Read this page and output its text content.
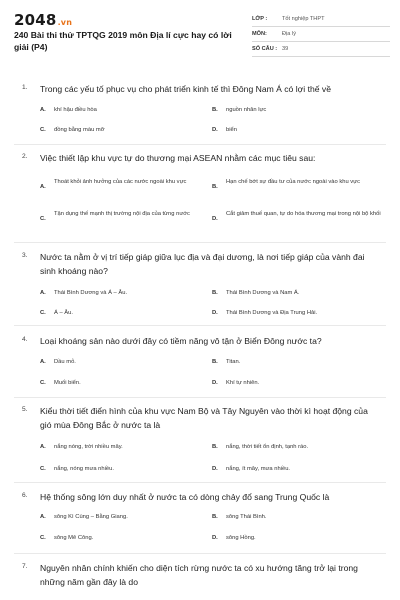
2048.vn
240 Bài thi thử TPTQG 2019 môn Địa lí cực hay có lời giải (P4)
LỚP :	Tốt nghiệp THPT
MÔN:	Địa lý
SỐ CÂU : 39
1. Trong các yếu tố phục vụ cho phát triển kinh tế thì Đông Nam Á có lợi thế về
A. khí hậu điều hòa	B. nguồn nhân lực
C. đồng bằng màu mỡ	D. biển
2. Việc thiết lập khu vực tự do thương mại ASEAN nhằm các mục tiêu sau:
A.
Thoát khỏi ảnh hưởng của các nước ngoài khu vực
B.
Hạn chế bớt sự đầu tư của nước ngoài vào khu vực
C.
Tận dụng thế mạnh thị trường nội địa của từng nước
D.
Cắt giảm thuế quan, tự do hóa thương mại trong nội bộ khối
3. Nước ta nằm ở vị trí tiếp giáp giữa lục địa và đại dương, là nơi tiếp giáp của vành đai sinh khoáng nào?
A. Thái Bình Dương và Á – Âu.	B. Thái Bình Dương và Nam Á.
C. Á – Âu.	D. Thái Bình Dương và Địa Trung Hải.
4. Loại khoáng sản nào dưới đây có tiềm năng vô tận ở Biển Đông nước ta?
A. Dầu mỏ.	B. Titan.
C. Muối biển.	D. Khí tự nhiên.
5. Kiểu thời tiết điển hình của khu vực Nam Bộ và Tây Nguyên vào thời kì hoạt động của gió mùa Đông Bắc ở nước ta là
A. nắng nóng, trời nhiều mây.	B. nắng, thời tiết ổn định, tạnh ráo.
C. nắng, nóng mưa nhiều.	D. nắng, ít mây, mưa nhiều.
6. Hệ thống sông lớn duy nhất ở nước ta có dòng chảy đổ sang Trung Quốc là
A. sông Kì Cùng – Bằng Giang.	B. sông Thái Bình.
C. sông Mê Công.	D. sông Hồng.
7. Nguyên nhân chính khiến cho diện tích rừng nước ta có xu hướng tăng trở lại trong những năm gần đây là do
